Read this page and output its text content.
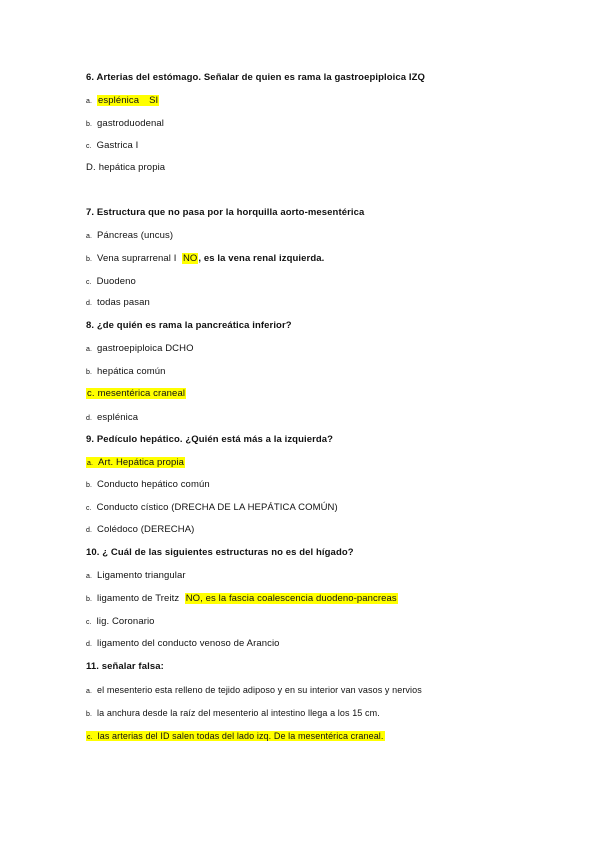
6. Arterias del estómago. Señalar de quien es rama la gastroepiploica IZQ
a. esplénica SI
b. gastroduodenal
c. Gastrica I
D. hepática propia
7. Estructura que no pasa por la horquilla aorto-mesentérica
a. Páncreas (uncus)
b. Vena suprarrenal I NO, es la vena renal izquierda.
c. Duodeno
d. todas pasan
8. ¿de quién es rama la pancreática inferior?
a. gastroepiploica DCHO
b. hepática común
c. mesentérica craneal
d. esplénica
9. Pedículo hepático. ¿Quién está más a la izquierda?
a. Art. Hepática propia
b. Conducto hepático común
c. Conducto cístico (DRECHA DE LA HEPÁTICA COMÚN)
d. Colédoco (DERECHA)
10. ¿ Cuál de las siguientes estructuras no es del hígado?
a. Ligamento triangular
b. ligamento de Treitz NO, es la fascia coalescencia duodeno-pancreas
c. lig. Coronario
d. ligamento del conducto venoso de Arancio
11. señalar falsa:
a. el mesenterio esta relleno de tejido adiposo y en su interior van vasos y nervios
b. la anchura desde la raíz del mesenterio al intestino llega a los 15 cm.
c. las arterias del ID salen todas del lado izq. De la mesentérica craneal.
